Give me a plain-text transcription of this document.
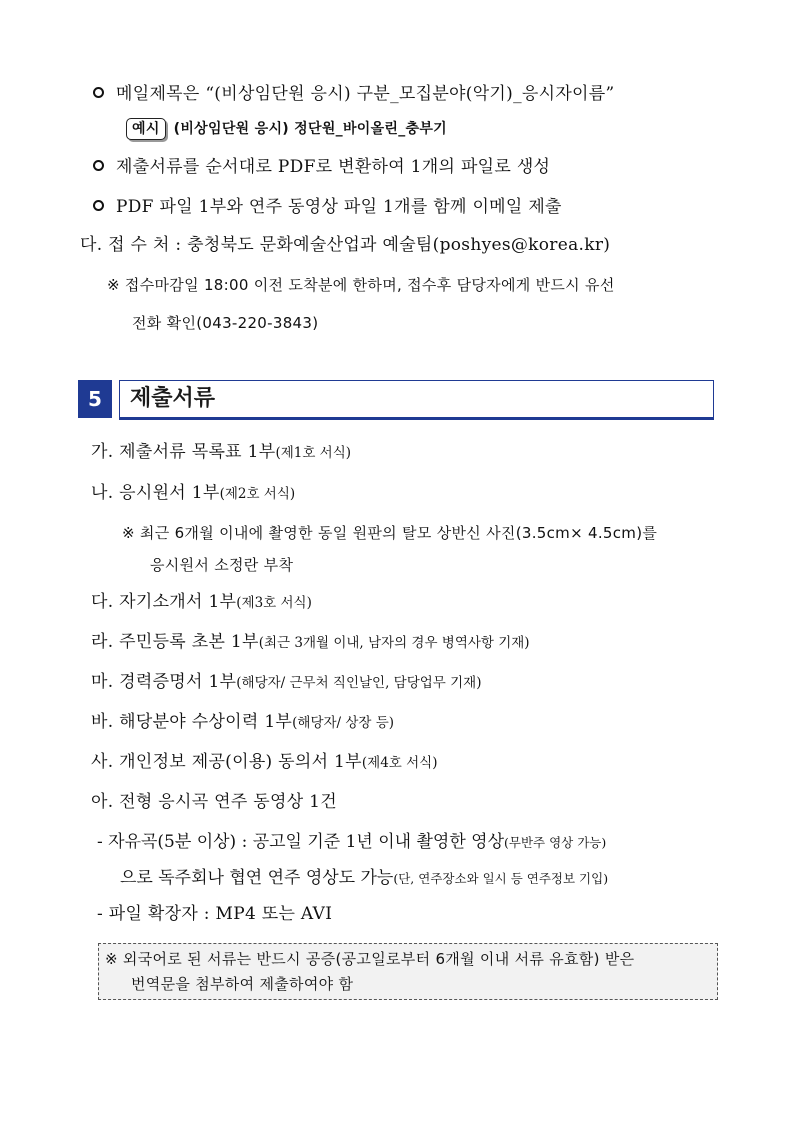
메일제목은 “(비상임단원 응시) 구분_모집분야(악기)_응시자이름”
예시 (비상임단원 응시) 정단원_바이올린_충부기
제출서류를 순서대로 PDF로 변환하여 1개의 파일로 생성
PDF 파일 1부와 연주 동영상 파일 1개를 함께 이메일 제출
다. 접 수 처 : 충청북도 문화예술산업과 예술팀(poshyes@korea.kr)
※ 접수마감일 18:00 이전 도착분에 한하며, 접수후 담당자에게 반드시 유선
전화 확인(043-220-3843)
5	제출서류
가. 제출서류 목록표 1부(제1호 서식)
나. 응시원서 1부(제2호 서식)
※ 최근 6개월 이내에 촬영한 동일 원판의 탈모 상반신 사진(3.5cm× 4.5cm)를
응시원서 소정란 부착
다. 자기소개서 1부(제3호 서식)
라. 주민등록 초본 1부(최근 3개월 이내, 남자의 경우 병역사항 기재)
마. 경력증명서 1부(해당자/ 근무처 직인날인, 담당업무 기재)
바. 해당분야 수상이력 1부(해당자/ 상장 등)
사. 개인정보 제공(이용) 동의서 1부(제4호 서식)
아. 전형 응시곡 연주 동영상 1건
- 자유곡(5분 이상) : 공고일 기준 1년 이내 촬영한 영상(무반주 영상 가능)
으로 독주회나 협연 연주 영상도 가능(단, 연주장소와 일시 등 연주정보 기입)
- 파일 확장자 : MP4 또는 AVI
※ 외국어로 된 서류는 반드시 공증(공고일로부터 6개월 이내 서류 유효함) 받은
번역문을 첨부하여 제출하여야 함
